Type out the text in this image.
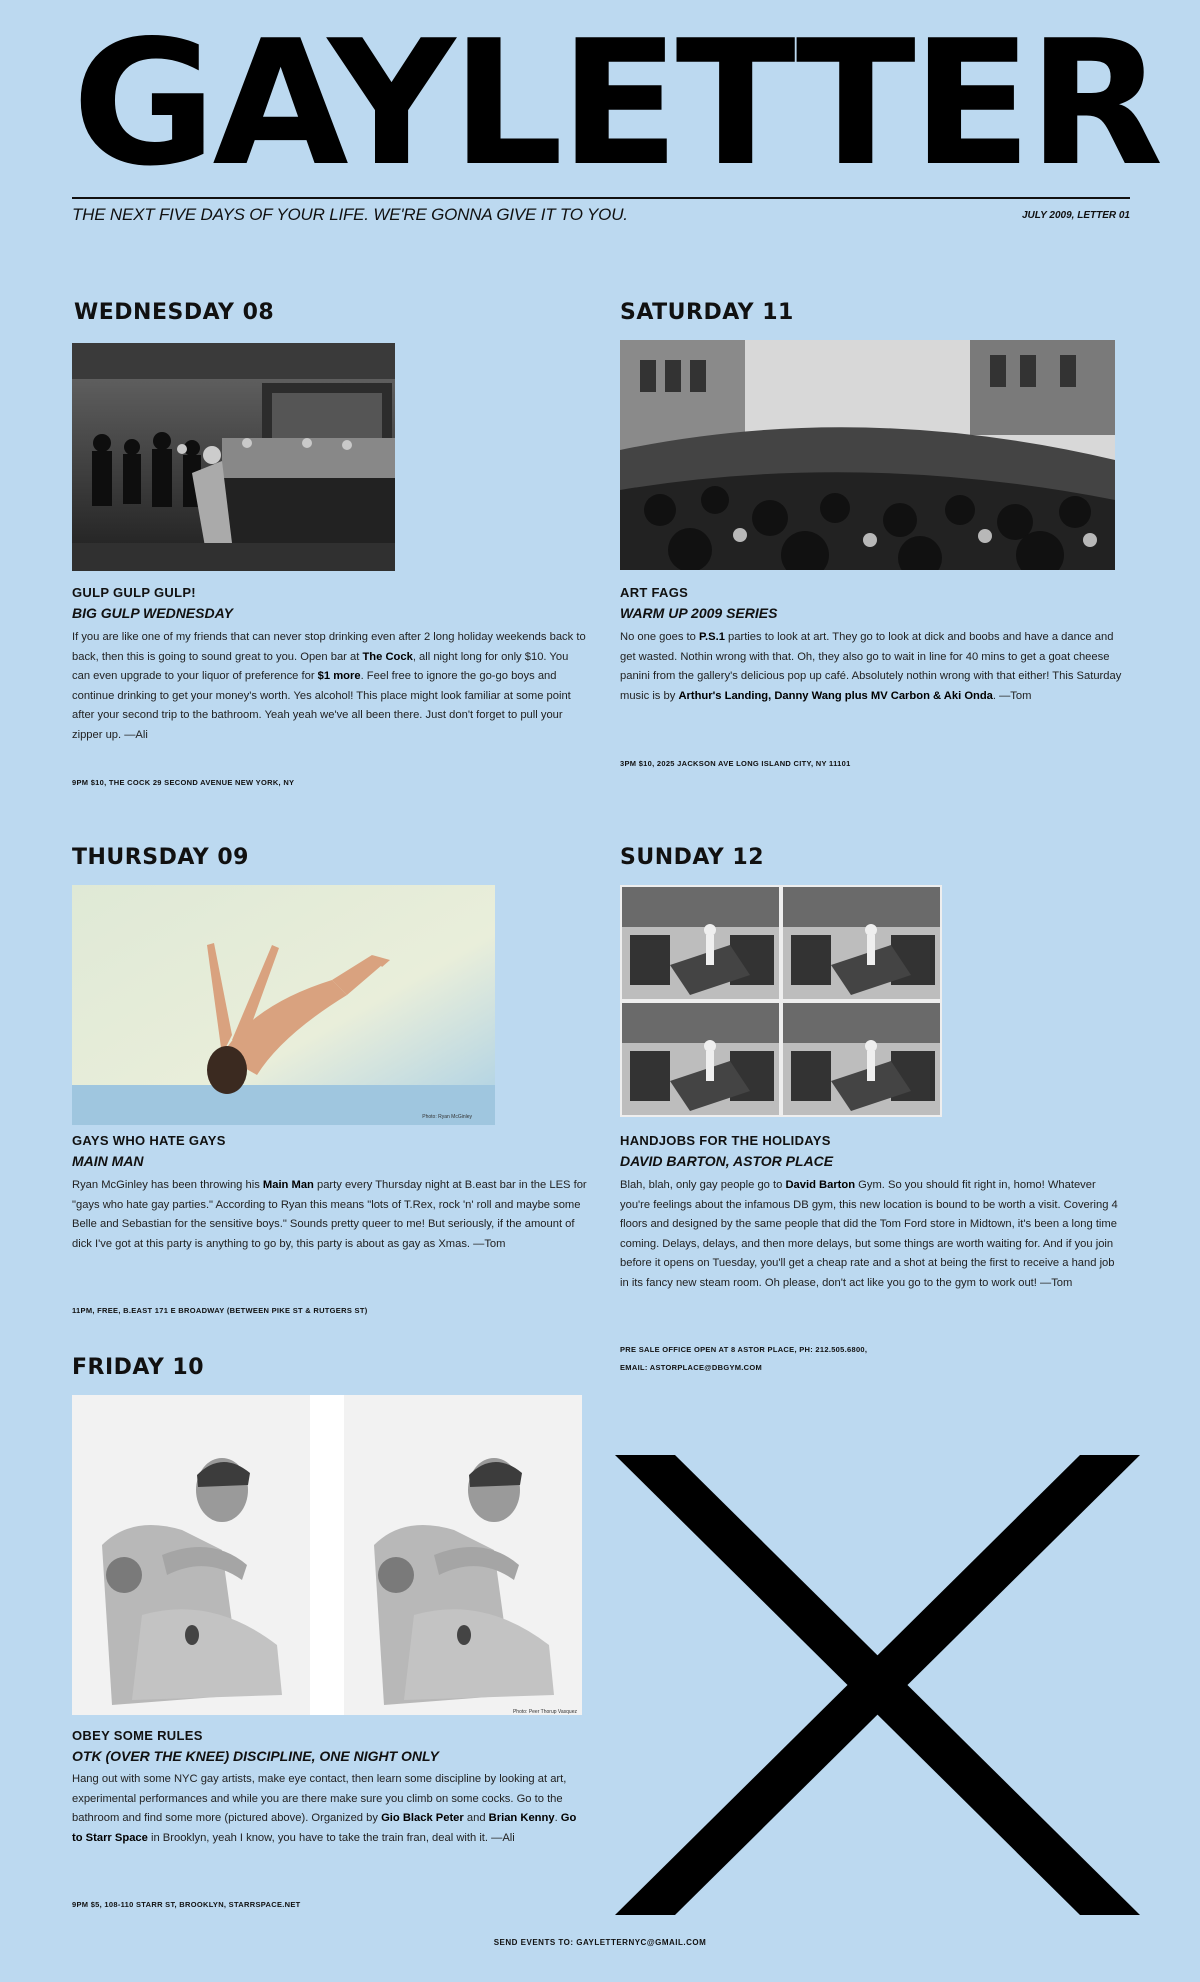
GAYLETTER
THE NEXT FIVE DAYS OF YOUR LIFE. WE'RE GONNA GIVE IT TO YOU.	JULY 2009, LETTER 01
WEDNESDAY 08
GULP GULP GULP!
BIG GULP WEDNESDAY
If you are like one of my friends that can never stop drinking even after 2 long holiday weekends back to back, then this is going to sound great to you. Open bar at The Cock, all night long for only $10. You can even upgrade to your liquor of preference for $1 more. Feel free to ignore the go-go boys and continue drinking to get your money's worth. Yes alcohol! This place might look familiar at some point after your second trip to the bathroom. Yeah yeah we've all been there. Just don't forget to pull your zipper up. —Ali
9PM $10, THE COCK 29 SECOND AVENUE NEW YORK, NY
SATURDAY 11
ART FAGS
WARM UP 2009 SERIES
No one goes to P.S.1 parties to look at art. They go to look at dick and boobs and have a dance and get wasted. Nothin wrong with that. Oh, they also go to wait in line for 40 mins to get a goat cheese panini from the gallery's delicious pop up café. Absolutely nothin wrong with that either! This Saturday music is by Arthur's Landing, Danny Wang plus MV Carbon & Aki Onda. —Tom
3PM $10, 2025 JACKSON AVE LONG ISLAND CITY, NY 11101
THURSDAY 09
Photo: Ryan McGinley
GAYS WHO HATE GAYS
MAIN MAN
Ryan McGinley has been throwing his Main Man party every Thursday night at B.east bar in the LES for "gays who hate gay parties." According to Ryan this means "lots of T.Rex, rock 'n' roll and maybe some Belle and Sebastian for the sensitive boys." Sounds pretty queer to me! But seriously, if the amount of dick I've got at this party is anything to go by, this party is about as gay as Xmas. —Tom
11PM, FREE, B.EAST 171 E BROADWAY (BETWEEN PIKE ST & RUTGERS ST)
SUNDAY 12
HANDJOBS FOR THE HOLIDAYS
DAVID BARTON, ASTOR PLACE
Blah, blah, only gay people go to David Barton Gym. So you should fit right in, homo! Whatever you're feelings about the infamous DB gym, this new location is bound to be worth a visit. Covering 4 floors and designed by the same people that did the Tom Ford store in Midtown, it's been a long time coming. Delays, delays, and then more delays, but some things are worth waiting for. And if you join before it opens on Tuesday, you'll get a cheap rate and a shot at being the first to receive a hand job in its fancy new steam room. Oh please, don't act like you go to the gym to work out! —Tom
PRE SALE OFFICE OPEN AT 8 ASTOR PLACE, PH: 212.505.6800,
EMAIL: ASTORPLACE@DBGYM.COM
FRIDAY 10
Photo: Peer Thorup Vasquez
OBEY SOME RULES
OTK (OVER THE KNEE) DISCIPLINE, ONE NIGHT ONLY
Hang out with some NYC gay artists, make eye contact, then learn some discipline by looking at art, experimental performances and while you are there make sure you climb on some cocks. Go to the bathroom and find some more (pictured above). Organized by Gio Black Peter and Brian Kenny. Go to Starr Space in Brooklyn, yeah I know, you have to take the train fran, deal with it. —Ali
9PM $5, 108-110 STARR ST, BROOKLYN, STARRSPACE.NET
SEND EVENTS TO: GAYLETTERNYC@GMAIL.COM
